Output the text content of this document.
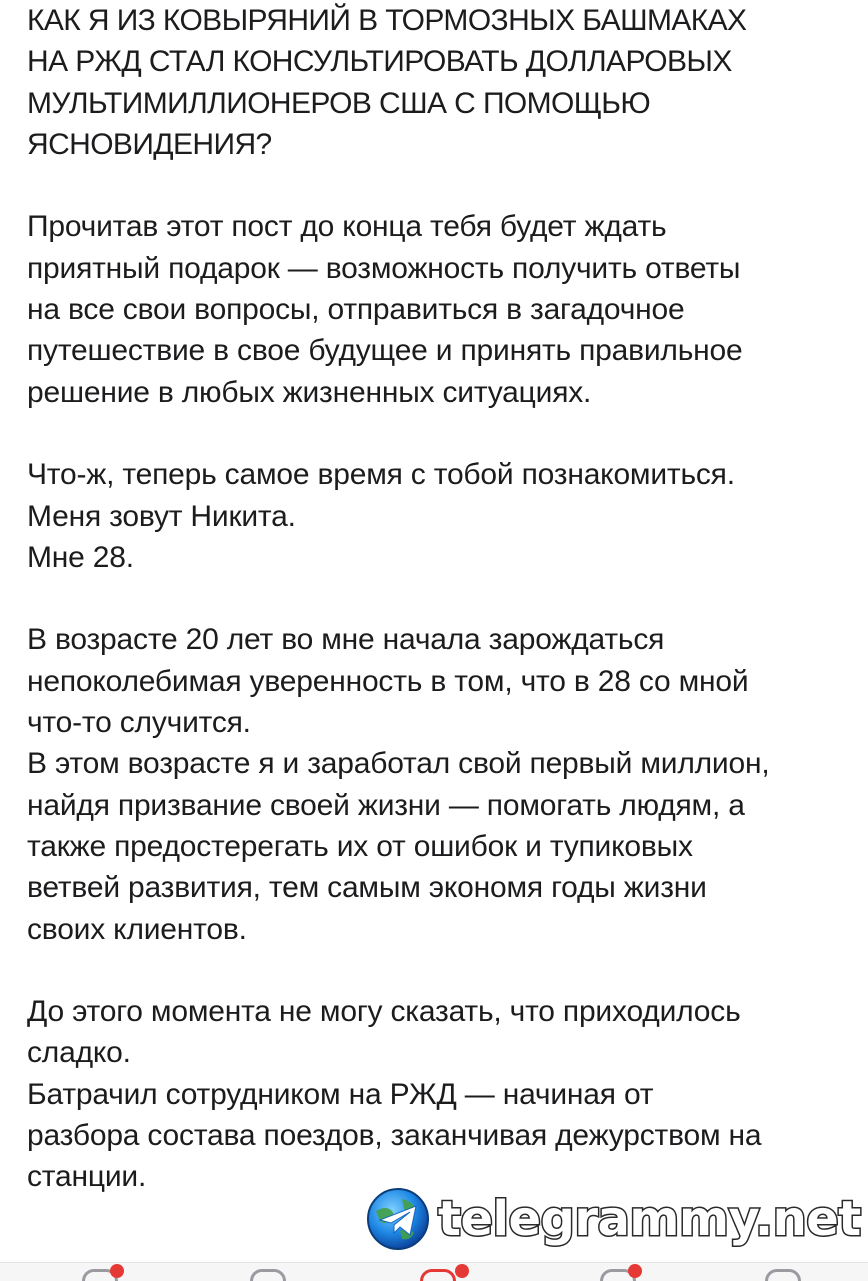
КАК Я ИЗ КОВЫРЯНИЙ В ТОРМОЗНЫХ БАШМАКАХ
НА РЖД СТАЛ КОНСУЛЬТИРОВАТЬ ДОЛЛАРОВЫХ
МУЛЬТИМИЛЛИОНЕРОВ США С ПОМОЩЬЮ
ЯСНОВИДЕНИЯ?
Прочитав этот пост до конца тебя будет ждать
приятный подарок — возможность получить ответы
на все свои вопросы, отправиться в загадочное
путешествие в свое будущее и принять правильное
решение в любых жизненных ситуациях.
Что-ж, теперь самое время с тобой познакомиться.
Меня зовут Никита.
Мне 28.
В возрасте 20 лет во мне начала зарождаться
непоколебимая уверенность в том, что в 28 со мной
что-то случится.
В этом возрасте я и заработал свой первый миллион,
найдя призвание своей жизни — помогать людям, а
также предостерегать их от ошибок и тупиковых
ветвей развития, тем самым экономя годы жизни
своих клиентов.
До этого момента не могу сказать, что приходилось
сладко.
Батрачил сотрудником на РЖД — начиная от
разбора состава поездов, заканчивая дежурством на
станции.
telegrammy.net
